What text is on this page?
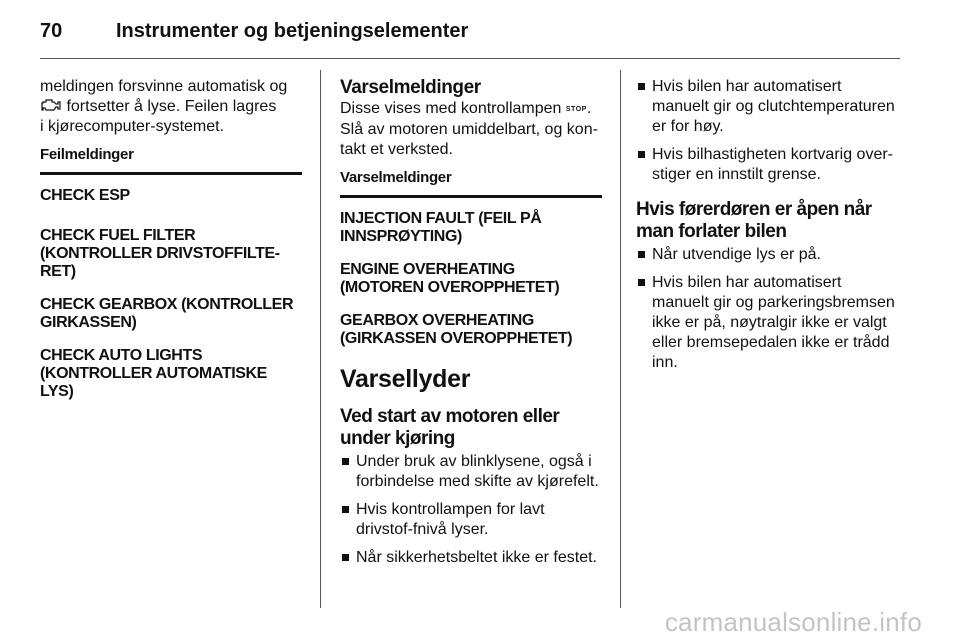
70	Instrumenter og betjeningselementer

meldingen forsvinne automatisk og
fortsetter å lyse. Feilen lagres
i kjørecomputer-systemet.

Feilmeldinger
CHECK ESP
CHECK FUEL FILTER (KONTROLLER DRIVSTOFFILTE-RET)
CHECK GEARBOX (KONTROLLER GIRKASSEN)
CHECK AUTO LIGHTS (KONTROLLER AUTOMATISKE LYS)
Varselmeldinger

Disse vises med kontrollampen STOP. Slå av motoren umiddelbart, og kon-takt et verksted.

Varselmeldinger
INJECTION FAULT (FEIL PÅ INNSPRØYTING)
ENGINE OVERHEATING (MOTOREN OVEROPPHETET)
GEARBOX OVERHEATING (GIRKASSEN OVEROPPHETET)
Varsellyder
Ved start av motoren eller under kjøring
Under bruk av blinklysene, også i forbindelse med skifte av kjørefelt.
Hvis kontrollampen for lavt drivstof-fnivå lyser.
Når sikkerhetsbeltet ikke er festet.
Hvis bilen har automatisert manuelt gir og clutchtemperaturen er for høy.
Hvis bilhastigheten kortvarig over-stiger en innstilt grense.
Hvis førerdøren er åpen når man forlater bilen
Når utvendige lys er på.
Hvis bilen har automatisert manuelt gir og parkeringsbremsen ikke er på, nøytralgir ikke er valgt eller bremsepedalen ikke er trådd inn.
carmanualsonline.info
